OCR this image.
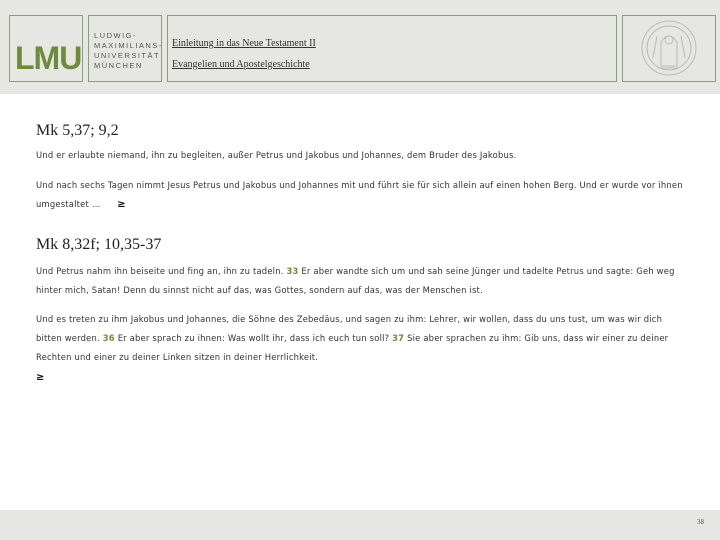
LMU
LUDWIG-
MAXIMILIANS-
UNIVERSITÄT
MÜNCHEN
Einleitung in das Neue Testament II
Evangelien und Apostelgeschichte
Mk 5,37; 9,2
Und er erlaubte niemand, ihn zu begleiten, außer Petrus und Jakobus und Johannes, dem Bruder des Jakobus.
Und nach sechs Tagen nimmt Jesus Petrus und Jakobus und Johannes mit und führt sie für sich allein auf einen hohen Berg. Und er wurde vor ihnen umgestaltet … ≥
Mk 8,32f; 10,35-37
Und Petrus nahm ihn beiseite und fing an, ihn zu tadeln. 33 Er aber wandte sich um und sah seine Jünger und tadelte Petrus und sagte: Geh weg hinter mich, Satan! Denn du sinnst nicht auf das, was Gottes, sondern auf das, was der Menschen ist.
Und es treten zu ihm Jakobus und Johannes, die Söhne des Zebedäus, und sagen zu ihm: Lehrer, wir wollen, dass du uns tust, um was wir dich bitten werden. 36 Er aber sprach zu ihnen: Was wollt ihr, dass ich euch tun soll? 37 Sie aber sprachen zu ihm: Gib uns, dass wir einer zu deiner Rechten und einer zu deiner Linken sitzen in deiner Herrlichkeit.
≥
38
